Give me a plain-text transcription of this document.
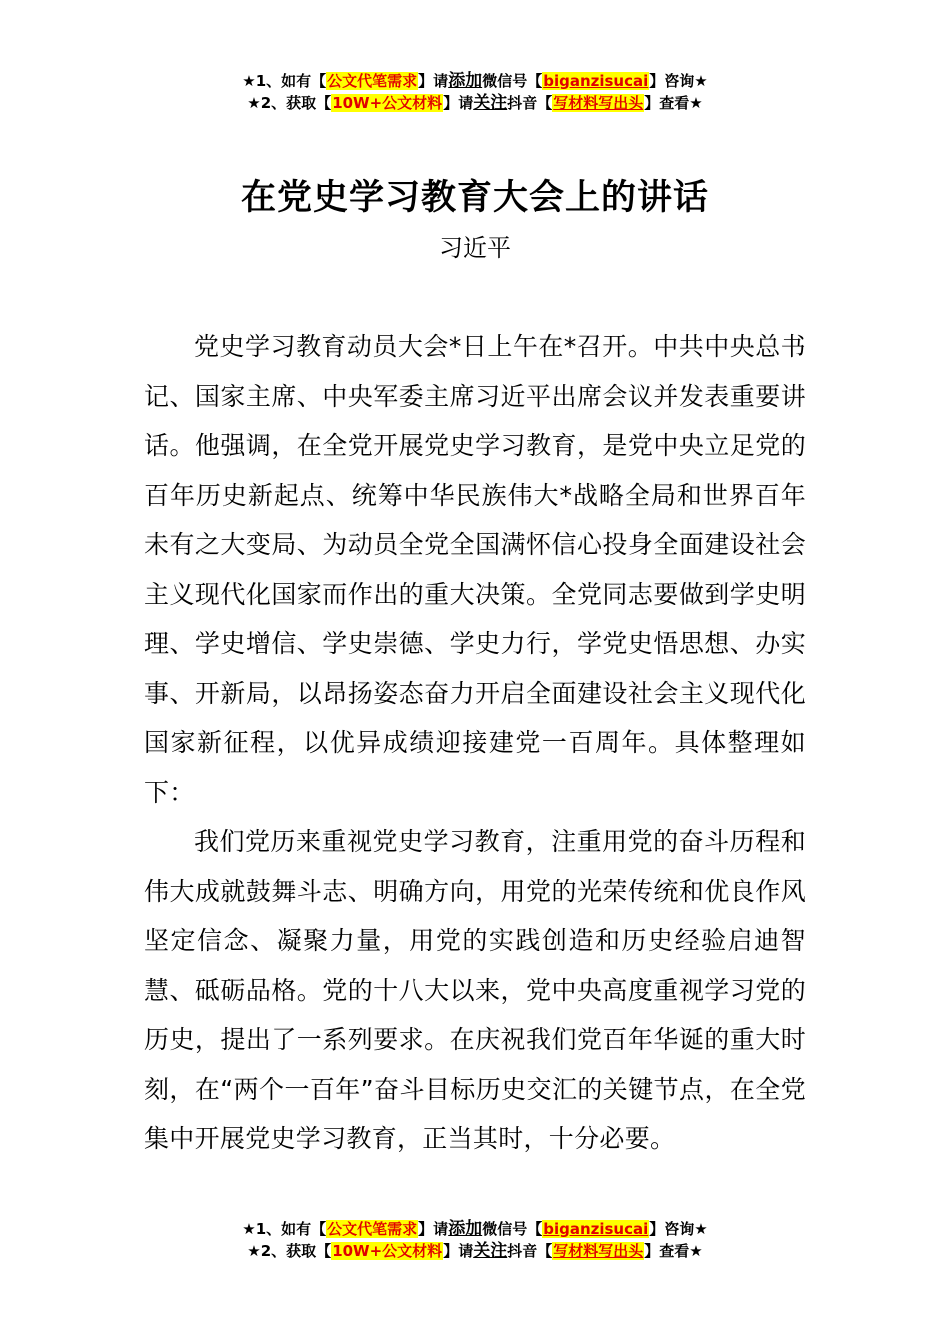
★1、如有【公文代笔需求】请添加微信号【biganzisucai】咨询★
★2、获取【10W+公文材料】请关注抖音【写材料写出头】查看★
在党史学习教育大会上的讲话
习近平

党史学习教育动员大会*日上午在*召开。中共中央总书记、国家主席、中央军委主席习近平出席会议并发表重要讲话。他强调，在全党开展党史学习教育，是党中央立足党的百年历史新起点、统筹中华民族伟大*战略全局和世界百年未有之大变局、为动员全党全国满怀信心投身全面建设社会主义现代化国家而作出的重大决策。全党同志要做到学史明理、学史增信、学史崇德、学史力行，学党史悟思想、办实事、开新局，以昂扬姿态奋力开启全面建设社会主义现代化国家新征程，以优异成绩迎接建党一百周年。具体整理如下：

我们党历来重视党史学习教育，注重用党的奋斗历程和伟大成就鼓舞斗志、明确方向，用党的光荣传统和优良作风坚定信念、凝聚力量，用党的实践创造和历史经验启迪智慧、砥砺品格。党的十八大以来，党中央高度重视学习党的历史，提出了一系列要求。在庆祝我们党百年华诞的重大时刻，在“两个一百年”奋斗目标历史交汇的关键节点，在全党集中开展党史学习教育，正当其时，十分必要。

★1、如有【公文代笔需求】请添加微信号【biganzisucai】咨询★
★2、获取【10W+公文材料】请关注抖音【写材料写出头】查看★
